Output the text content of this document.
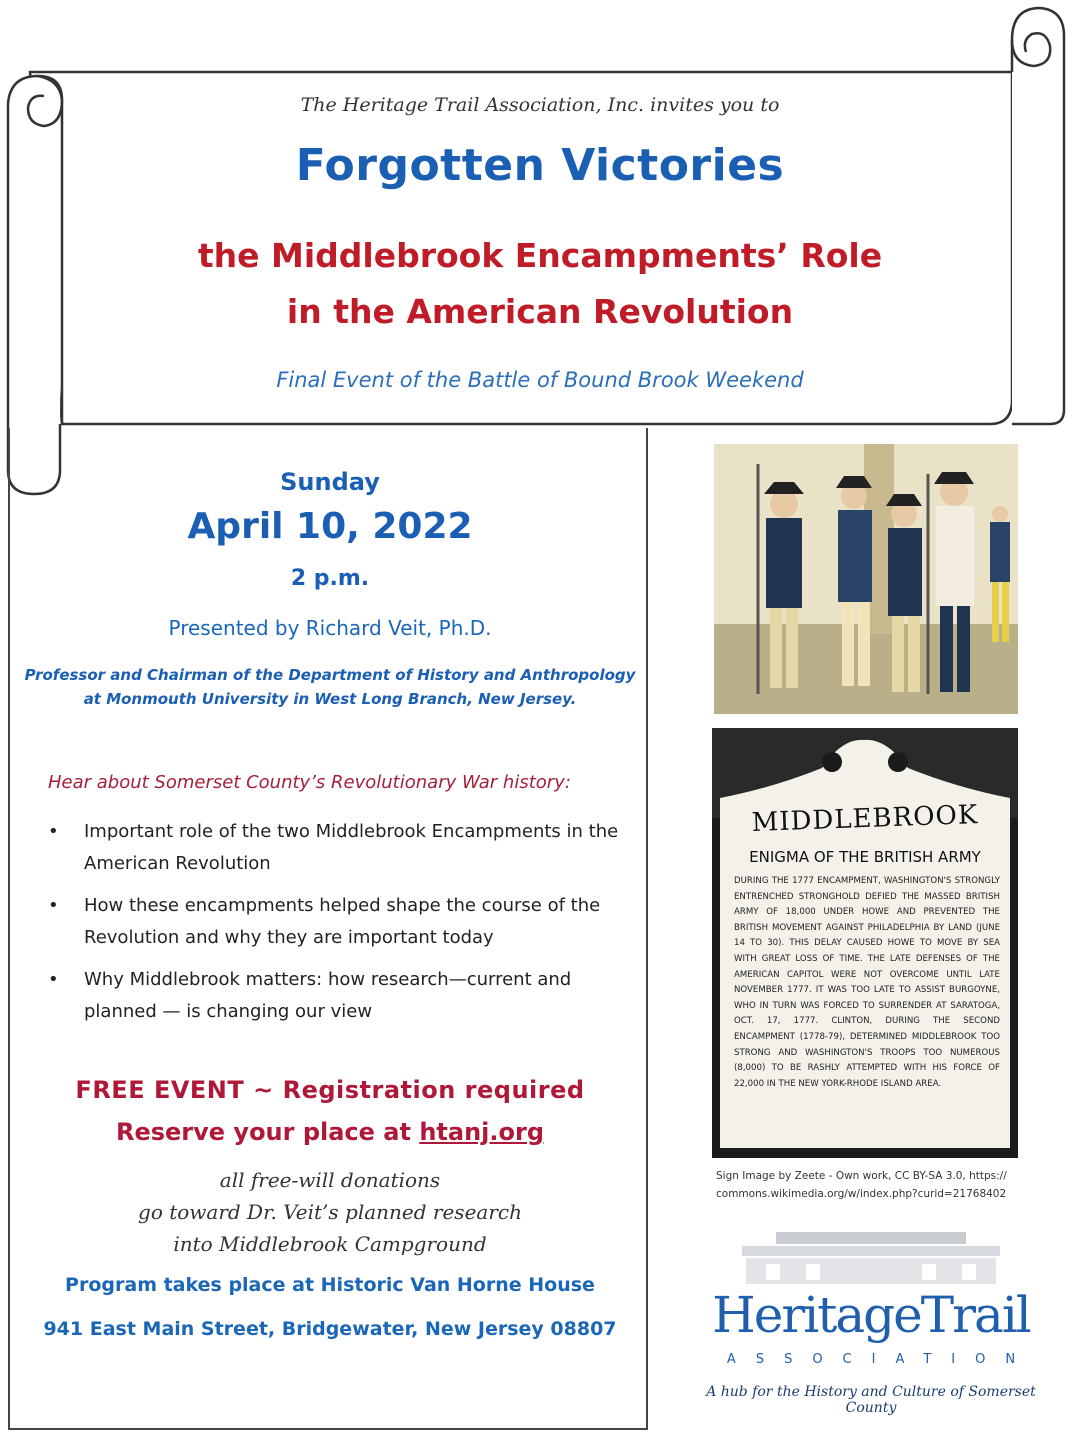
The Heritage Trail Association, Inc. invites you to
Forgotten Victories
the Middlebrook Encampments’ Role
in the American Revolution
Final Event of the Battle of Bound Brook Weekend
Sunday
April 10, 2022
2 p.m.
Presented by Richard Veit, Ph.D.
Professor and Chairman of the Department of History and Anthropology
at Monmouth University in West Long Branch, New Jersey.
Hear about Somerset County’s Revolutionary War history:
• Important role of the two Middlebrook Encampments in the American Revolution
• How these encampments helped shape the course of the Revolution and why they are important today
• Why Middlebrook matters: how research—current and planned — is changing our view
FREE EVENT ~ Registration required
Reserve your place at htanj.org
all free-will donations
go toward Dr. Veit’s planned research
into Middlebrook Campground
Program takes place at Historic Van Horne House
941 East Main Street, Bridgewater, New Jersey 08807
MIDDLEBROOK
ENIGMA OF THE BRITISH ARMY
DURING THE 1777 ENCAMPMENT, WASHINGTON'S STRONGLY ENTRENCHED STRONGHOLD DEFIED THE MASSED BRITISH ARMY OF 18,000 UNDER HOWE AND PREVENTED THE BRITISH MOVEMENT AGAINST PHILADELPHIA BY LAND (JUNE 14 TO 30). THIS DELAY CAUSED HOWE TO MOVE BY SEA WITH GREAT LOSS OF TIME. THE LATE DEFENSES OF THE AMERICAN CAPITOL WERE NOT OVERCOME UNTIL LATE NOVEMBER 1777. IT WAS TOO LATE TO ASSIST BURGOYNE, WHO IN TURN WAS FORCED TO SURRENDER AT SARATOGA, OCT. 17, 1777. CLINTON, DURING THE SECOND ENCAMPMENT (1778-79), DETERMINED MIDDLEBROOK TOO STRONG AND WASHINGTON'S TROOPS TOO NUMEROUS (8,000) TO BE RASHLY ATTEMPTED WITH HIS FORCE OF 22,000 IN THE NEW YORK-RHODE ISLAND AREA.
Sign Image by Zeete - Own work, CC BY-SA 3.0, https://
commons.wikimedia.org/w/index.php?curid=21768402
HeritageTrail
ASSOCIATION
A hub for the History and Culture of Somerset County
